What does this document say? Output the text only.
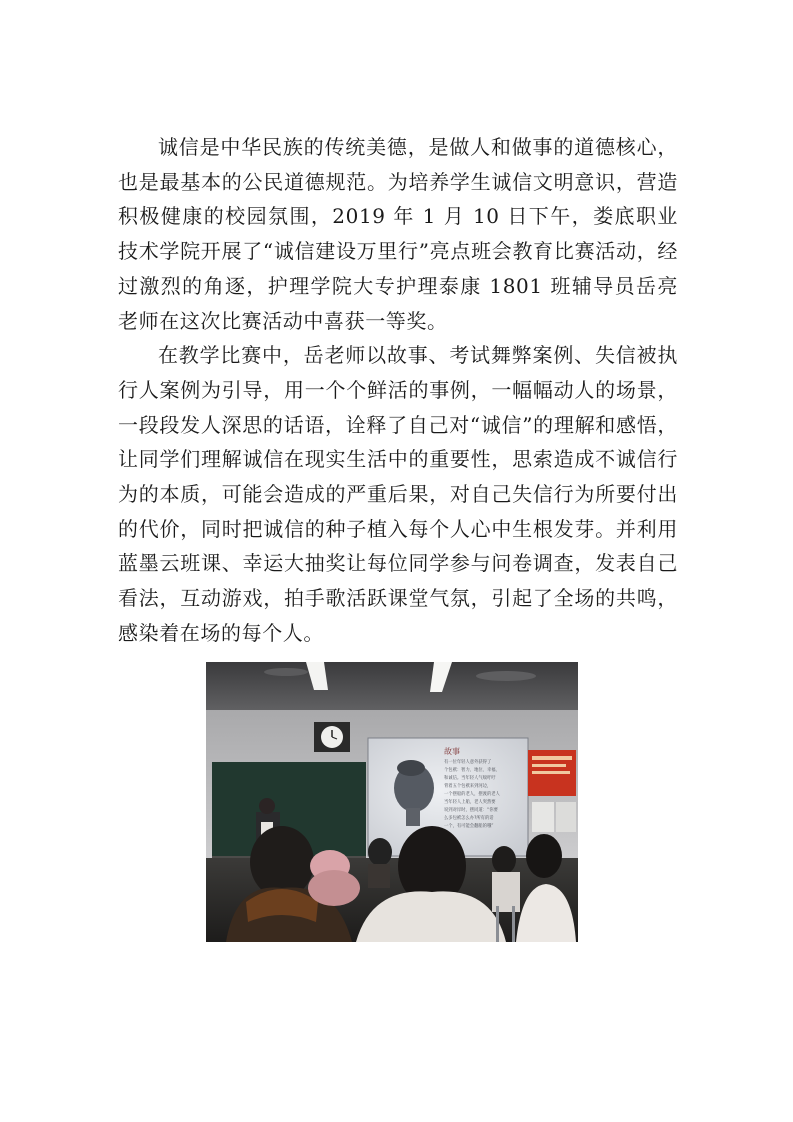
诚信是中华民族的传统美德，是做人和做事的道德核心，也是最基本的公民道德规范。为培养学生诚信文明意识，营造积极健康的校园氛围，2019 年 1 月 10 日下午，娄底职业技术学院开展了“诚信建设万里行”亮点班会教育比赛活动，经过激烈的角逐，护理学院大专护理泰康 1801 班辅导员岳亮老师在这次比赛活动中喜获一等奖。

在教学比赛中，岳老师以故事、考试舞弊案例、失信被执行人案例为引导，用一个个鲜活的事例，一幅幅动人的场景，一段段发人深思的话语，诠释了自己对“诚信”的理解和感悟，让同学们理解诚信在现实生活中的重要性，思索造成不诚信行为的本质，可能会造成的严重后果，对自己失信行为所要付出的代价，同时把诚信的种子植入每个人心中生根发芽。并利用蓝墨云班课、幸运大抽奖让每位同学参与问卷调查，发表自己看法，互动游戏，拍手歌活跃课堂气氛，引起了全场的共鸣，感染着在场的每个人。

故事
有一位年轻人意外获得了
个包袱：智力、地位、幸福、
和诚信。当年轻人气喘吁吁
背着五个包袱来到河边，
一个摆船的老人，摆渡的老人
当年轻人上船，老人突然要
说到对岸时，摆同道：“你要
么多包袱怎么办?所有的话
一个，有可能会翻船的哦”
